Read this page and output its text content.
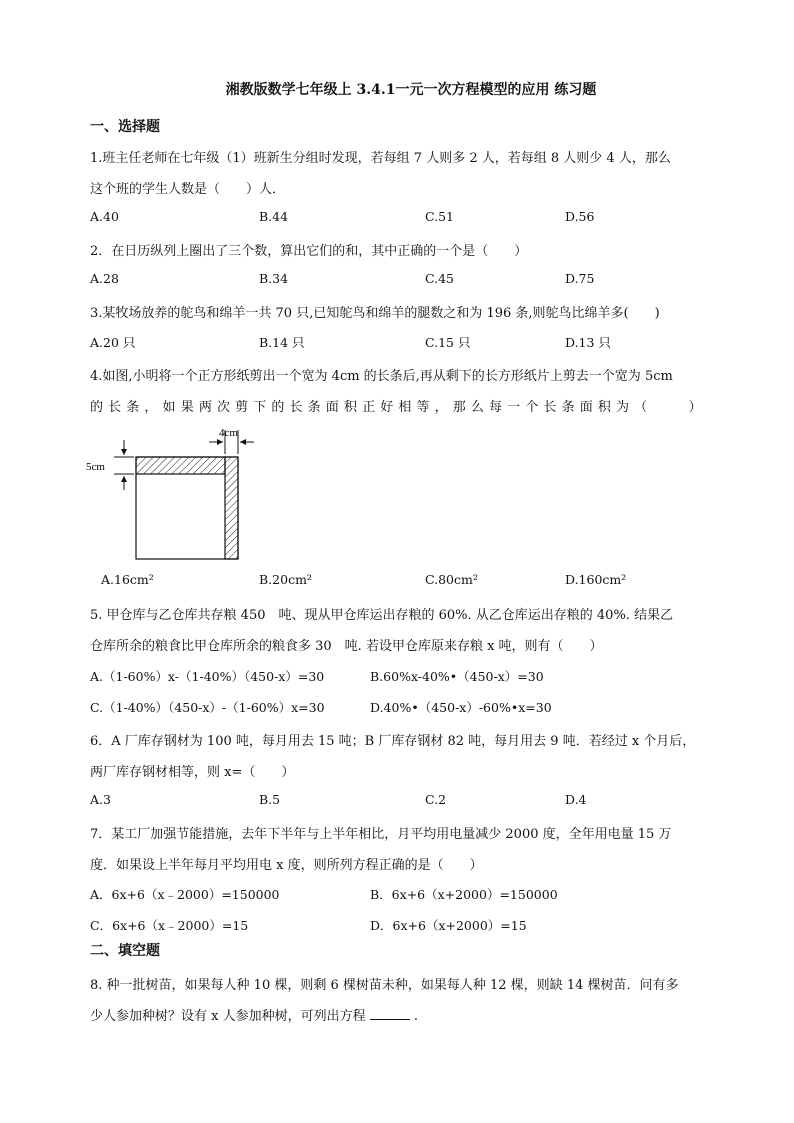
湘教版数学七年级上 3.4.1一元一次方程模型的应用 练习题
一、选择题
1.班主任老师在七年级（1）班新生分组时发现，若每组 7 人则多 2 人，若每组 8 人则少 4 人，那么
这个班的学生人数是（　　）人．
A.40	B.44	C.51	D.56
2．在日历纵列上圈出了三个数，算出它们的和，其中正确的一个是（　　）
A.28	B.34	C.45	D.75
3.某牧场放养的鸵鸟和绵羊一共 70 只,已知鸵鸟和绵羊的腿数之和为 196 条,则鸵鸟比绵羊多(　　)
A.20 只	B.14 只	C.15 只	D.13 只
4.如图,小明将一个正方形纸剪出一个宽为 4cm 的长条后,再从剩下的长方形纸片上剪去一个宽为 5cm
的长条，如果两次剪下的长条面积正好相等，那么每一个长条面积为（　　）
4cm
5cm
A.16cm²	B.20cm²	C.80cm²	D.160cm²
5. 甲仓库与乙仓库共存粮 450　吨、现从甲仓库运出存粮的 60%. 从乙仓库运出存粮的 40%. 结果乙
仓库所余的粮食比甲仓库所余的粮食多 30　吨. 若设甲仓库原来存粮 x 吨，则有（　　）
A.（1-60%）x-（1-40%）（450-x）=30	B.60%x-40%•（450-x）=30
C.（1-40%）（450-x）-（1-60%）x=30	D.40%•（450-x）-60%•x=30
6．A 厂库存钢材为 100 吨，每月用去 15 吨；B 厂库存钢材 82 吨，每月用去 9 吨．若经过 x 个月后，
两厂库存钢材相等，则 x=（　　）
A.3	B.5	C.2	D.4
7．某工厂加强节能措施，去年下半年与上半年相比，月平均用电量减少 2000 度，全年用电量 15 万
度．如果设上半年每月平均用电 x 度，则所列方程正确的是（　　）
A．6x+6（x﹣2000）=150000	B．6x+6（x+2000）=150000
C．6x+6（x﹣2000）=15	D．6x+6（x+2000）=15
二、填空题
8. 种一批树苗，如果每人种 10 棵，则剩 6 棵树苗未种，如果每人种 12 棵，则缺 14 棵树苗．问有多
少人参加种树？设有 x 人参加种树，可列出方程	.
